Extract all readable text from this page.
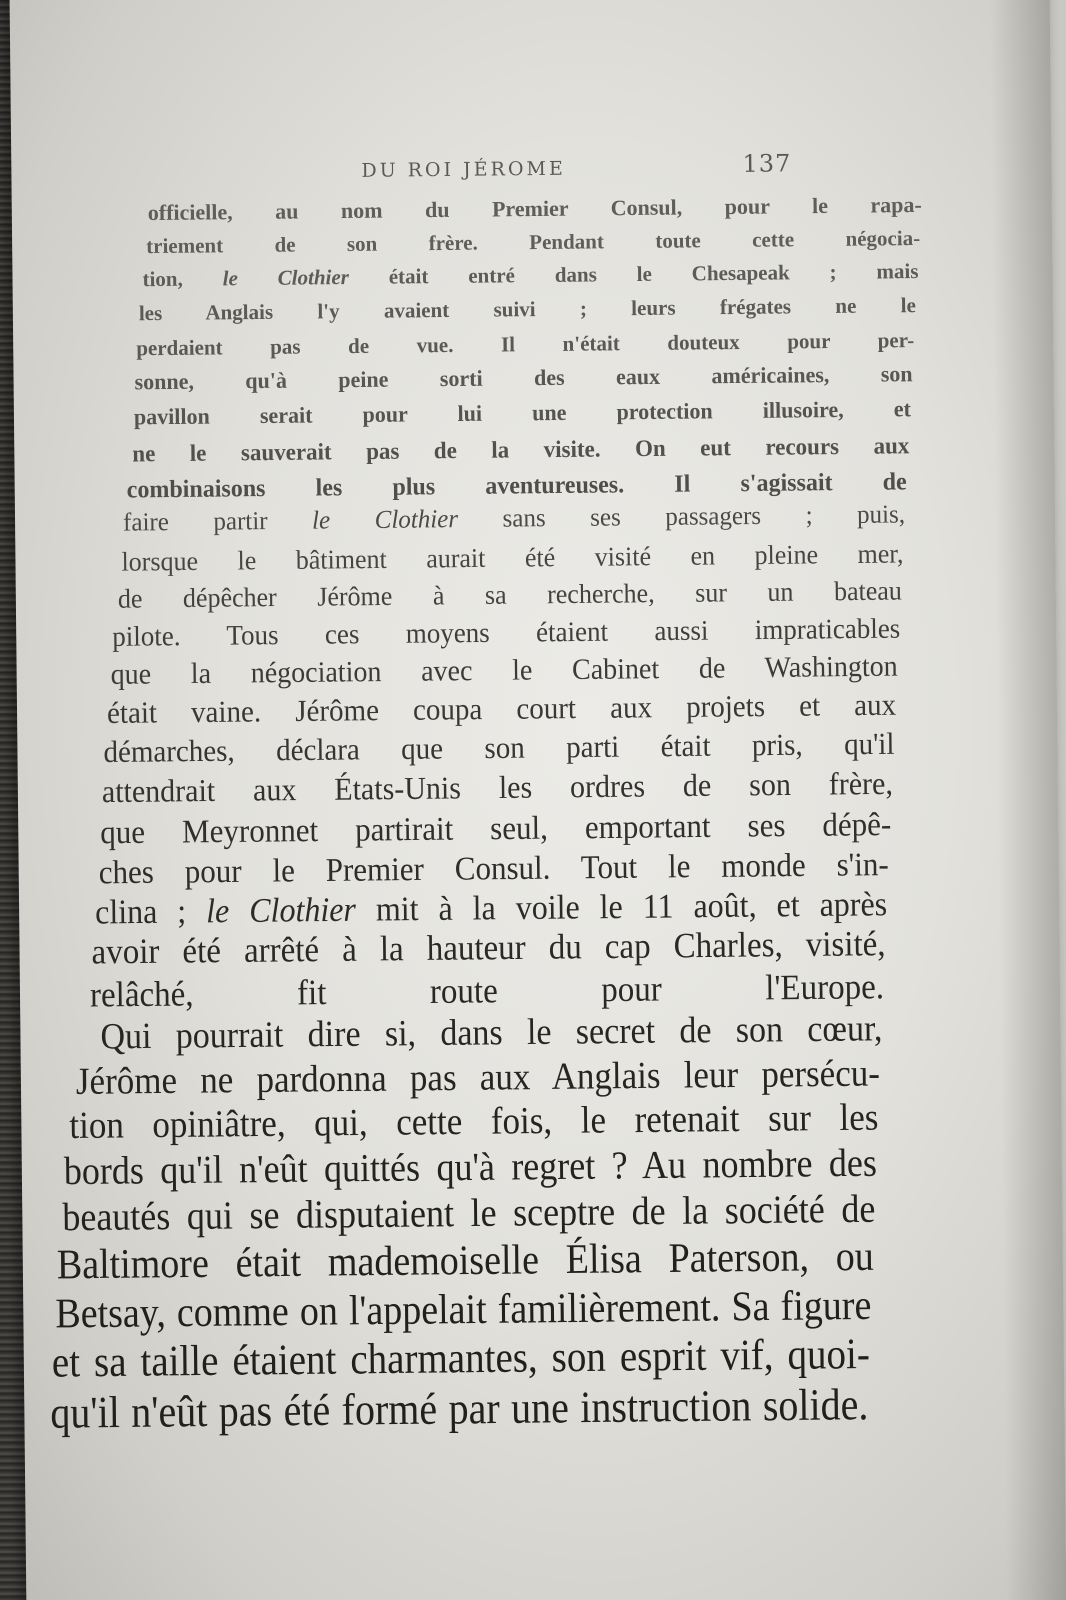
DU ROI JÉROME	137
officielle, au nom du Premier Consul, pour le rapa-
triement de son frère. Pendant toute cette négocia-
tion, le Clothier était entré dans le Chesapeak ; mais
les Anglais l'y avaient suivi ; leurs frégates ne le
perdaient pas de vue. Il n'était douteux pour per-
sonne, qu'à peine sorti des eaux américaines, son
pavillon serait pour lui une protection illusoire, et
ne le sauverait pas de la visite. On eut recours aux
combinaisons les plus aventureuses. Il s'agissait de
faire partir le Clothier sans ses passagers ; puis,
lorsque le bâtiment aurait été visité en pleine mer,
de dépêcher Jérôme à sa recherche, sur un bateau
pilote. Tous ces moyens étaient aussi impraticables
que la négociation avec le Cabinet de Washington
était vaine. Jérôme coupa court aux projets et aux
démarches, déclara que son parti était pris, qu'il
attendrait aux États-Unis les ordres de son frère,
que Meyronnet partirait seul, emportant ses dépê-
ches pour le Premier Consul. Tout le monde s'in-
clina ; le Clothier mit à la voile le 11 août, et après
avoir été arrêté à la hauteur du cap Charles, visité,
relâché, fit route pour l'Europe.
Qui pourrait dire si, dans le secret de son cœur,
Jérôme ne pardonna pas aux Anglais leur persécu-
tion opiniâtre, qui, cette fois, le retenait sur les
bords qu'il n'eût quittés qu'à regret ? Au nombre des
beautés qui se disputaient le sceptre de la société de
Baltimore était mademoiselle Élisa Paterson, ou
Betsay, comme on l'appelait familièrement. Sa figure
et sa taille étaient charmantes, son esprit vif, quoi-
qu'il n'eût pas été formé par une instruction solide.
